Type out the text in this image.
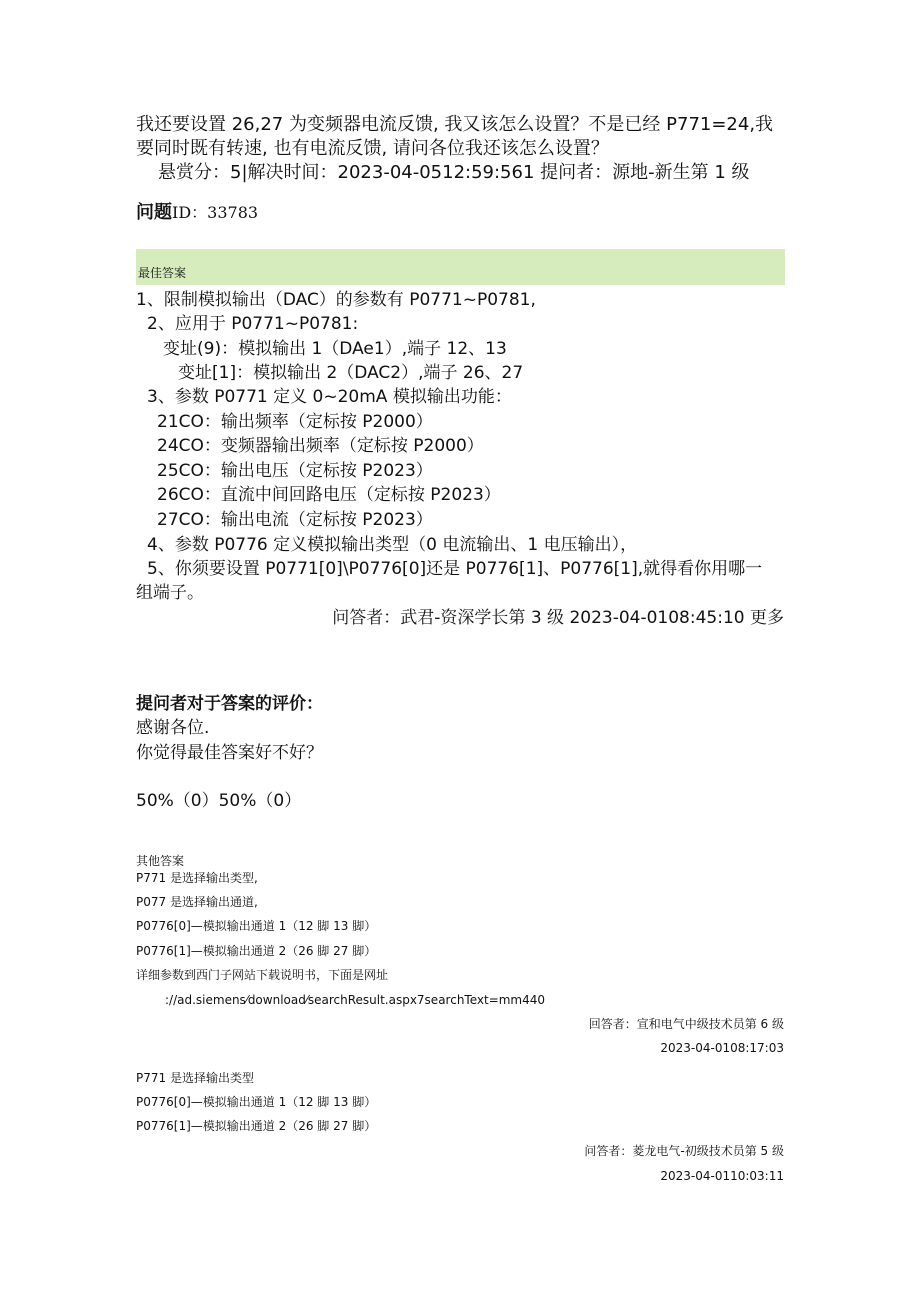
我还要设置 26,27 为变频器电流反馈, 我又该怎么设置？不是已经 P771=24,我
要同时既有转速, 也有电流反馈, 请问各位我还该怎么设置？
悬赏分：5|解决时间：2023-04-0512:59:561 提问者：源地-新生第 1 级
问题ID：33783
最佳答案
1、限制模拟输出（DAC）的参数有 P0771~P0781,
2、应用于 P0771~P0781:
变址(9)：模拟输出 1（DAe1）,端子 12、13
变址[1]：模拟输出 2（DAC2）,端子 26、27
3、参数 P0771 定义 0~20mA 模拟输出功能：
21CO：输出频率（定标按 P2000）
24CO：变频器输出频率（定标按 P2000）
25CO：输出电压（定标按 P2023）
26CO：直流中间回路电压（定标按 P2023）
27CO：输出电流（定标按 P2023）
4、参数 P0776 定义模拟输出类型（0 电流输出、1 电压输出），
5、你须要设置 P0771[0]\P0776[0]还是 P0776[1]、P0776[1],就得看你用哪一
组端子。
问答者：武君-资深学长第 3 级 2023-04-0108:45:10 更多
提问者对于答案的评价：
感谢各位.
你觉得最佳答案好不好？
50%（0）50%（0）
其他答案
P771 是选择输出类型,
P077 是选择输出通道,
P0776[0]—模拟输出通道 1（12 脚 13 脚）
P0776[1]—模拟输出通道 2（26 脚 27 脚）
详细参数到西门子网站下载说明书，下面是网址
://ad.siemens⁄download⁄searchResult.aspx7searchText=mm440
回答者：宣和电气中级技术员第 6 级
2023-04-0108:17:03
P771 是选择输出类型
P0776[0]—模拟输出通道 1（12 脚 13 脚）
P0776[1]—模拟输出通道 2（26 脚 27 脚）
问答者：菱龙电气-初级技术员第 5 级
2023-04-0110:03:11
